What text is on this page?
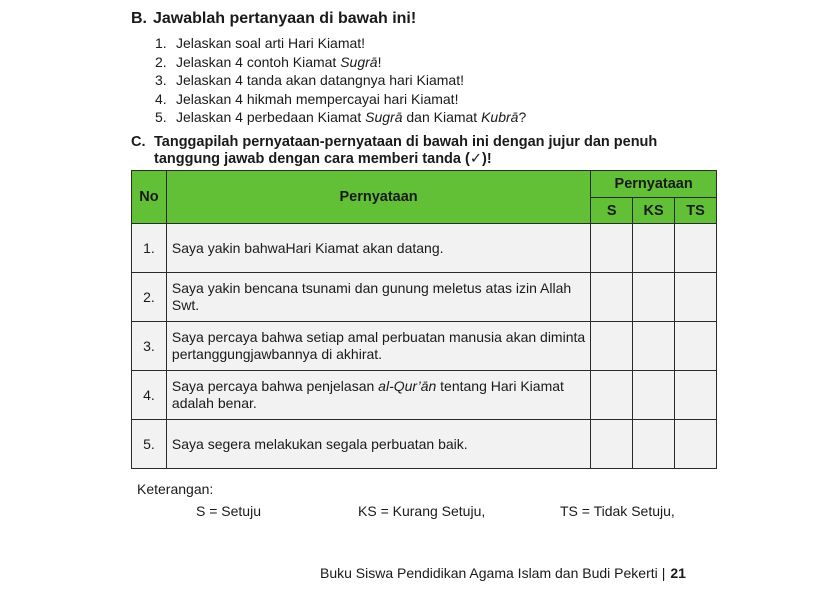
B. Jawablah pertanyaan di bawah ini!
1. Jelaskan soal arti Hari Kiamat!
2. Jelaskan 4 contoh Kiamat Sugrā!
3. Jelaskan 4 tanda akan datangnya hari Kiamat!
4. Jelaskan 4 hikmah mempercayai hari Kiamat!
5. Jelaskan 4 perbedaan Kiamat Sugrā dan Kiamat Kubrā?
C. Tanggapilah pernyataan-pernyataan di bawah ini dengan jujur dan penuh
tanggung jawab dengan cara memberi tanda (✓)!
No	Pernyataan	Pernyataan		
		S	KS	TS
1.	Saya yakin bahwaHari Kiamat akan datang.			
2.	Saya yakin bencana tsunami dan gunung meletus atas izin Allah Swt.			
3.	Saya percaya bahwa setiap amal perbuatan manusia akan diminta pertanggungjawbannya di akhirat.			
4.	Saya percaya bahwa penjelasan al-Qur’ān tentang Hari Kiamat adalah benar.			
5.	Saya segera melakukan segala perbuatan baik.			
Keterangan:
S = Setuju	KS = Kurang Setuju,	TS = Tidak Setuju,
Buku Siswa Pendidikan Agama Islam dan Budi Pekerti | 21
